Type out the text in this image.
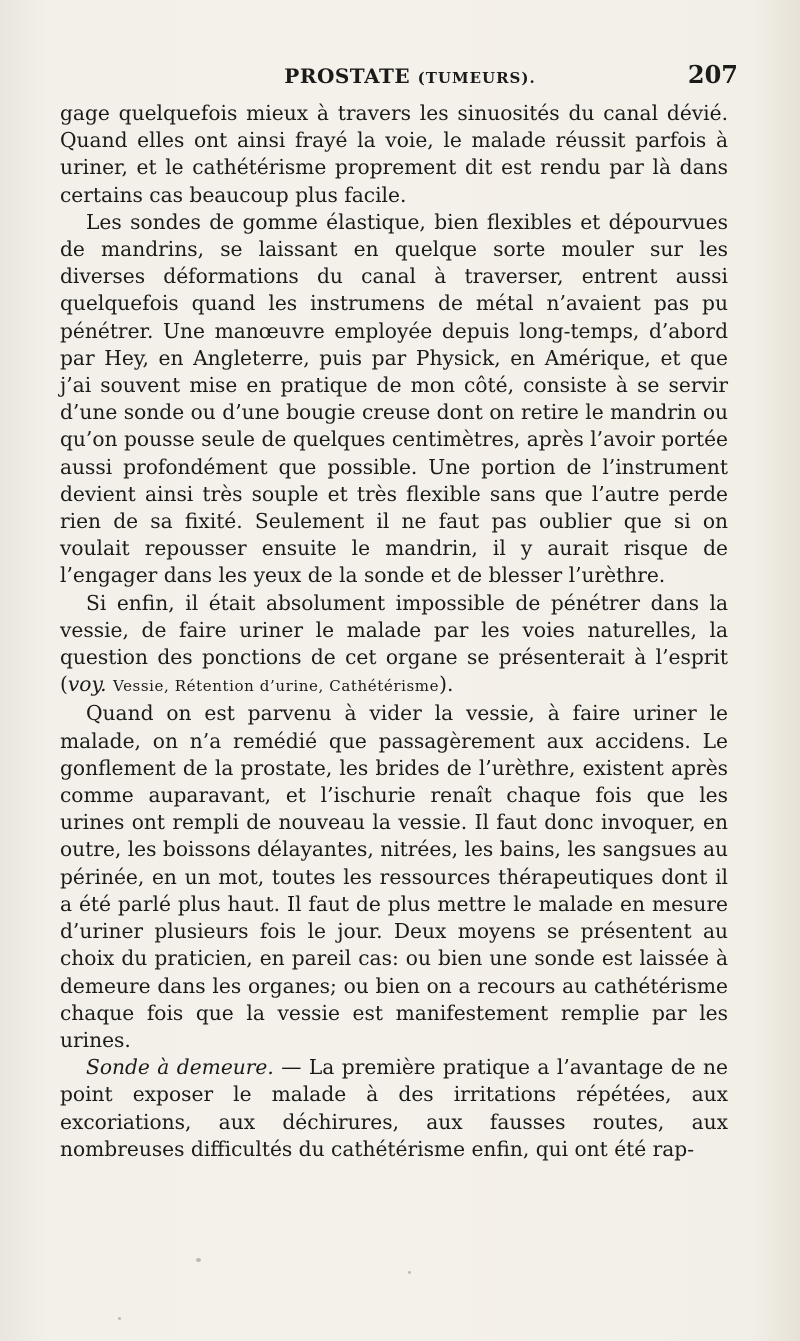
PROSTATE (TUMEURS).	207

gage quelquefois mieux à travers les sinuosités du canal dévié. Quand elles ont ainsi frayé la voie, le malade réussit parfois à uriner, et le cathétérisme proprement dit est rendu par là dans certains cas beaucoup plus facile.

Les sondes de gomme élastique, bien flexibles et dépourvues de mandrins, se laissant en quelque sorte mouler sur les diverses déformations du canal à traverser, entrent aussi quelquefois quand les instrumens de métal n’avaient pas pu pénétrer. Une manœuvre employée depuis long-temps, d’abord par Hey, en Angleterre, puis par Physick, en Amérique, et que j’ai souvent mise en pratique de mon côté, consiste à se servir d’une sonde ou d’une bougie creuse dont on retire le mandrin ou qu’on pousse seule de quelques centimètres, après l’avoir portée aussi profondément que possible. Une portion de l’instrument devient ainsi très souple et très flexible sans que l’autre perde rien de sa fixité. Seulement il ne faut pas oublier que si on voulait repousser ensuite le mandrin, il y aurait risque de l’engager dans les yeux de la sonde et de blesser l’urèthre.

Si enfin, il était absolument impossible de pénétrer dans la vessie, de faire uriner le malade par les voies naturelles, la question des ponctions de cet organe se présenterait à l’esprit (voy. Vessie, Rétention d’urine, Cathétérisme).

Quand on est parvenu à vider la vessie, à faire uriner le malade, on n’a remédié que passagèrement aux accidens. Le gonflement de la prostate, les brides de l’urèthre, existent après comme auparavant, et l’ischurie renaît chaque fois que les urines ont rempli de nouveau la vessie. Il faut donc invoquer, en outre, les boissons délayantes, nitrées, les bains, les sangsues au périnée, en un mot, toutes les ressources thérapeutiques dont il a été parlé plus haut. Il faut de plus mettre le malade en mesure d’uriner plusieurs fois le jour. Deux moyens se présentent au choix du praticien, en pareil cas: ou bien une sonde est laissée à demeure dans les organes; ou bien on a recours au cathétérisme chaque fois que la vessie est manifestement remplie par les urines.

Sonde à demeure. — La première pratique a l’avantage de ne point exposer le malade à des irritations répétées, aux excoriations, aux déchirures, aux fausses routes, aux nombreuses difficultés du cathétérisme enfin, qui ont été rap-
